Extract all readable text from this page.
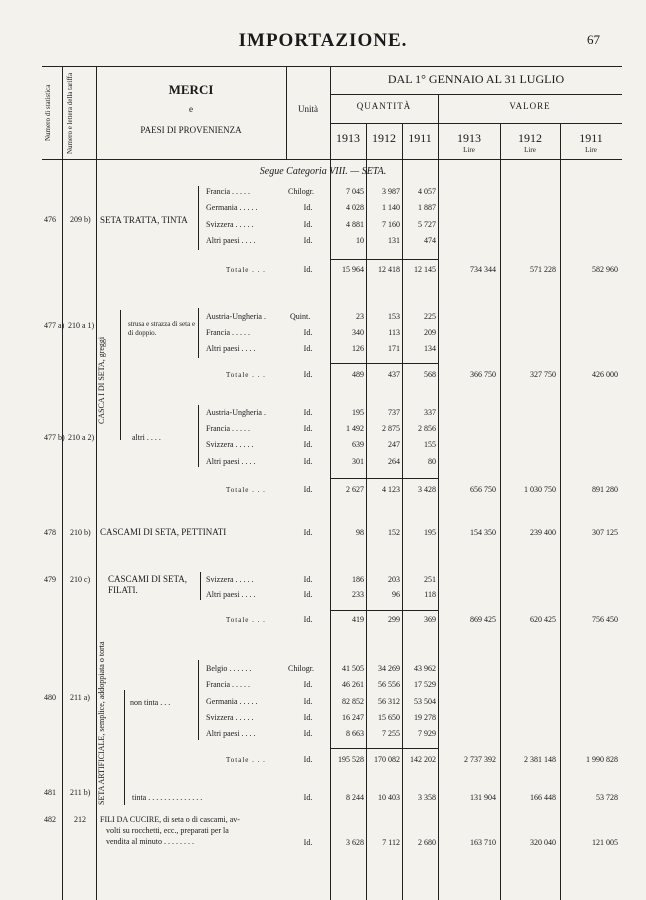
IMPORTAZIONE.	67
Numero di statistica	Numero e lettera della tariffa	MERCI
e
PAESI DI PROVENIENZA
Unità
DAL 1° GENNAIO AL 31 LUGLIO
QUANTITÀ	VALORE
1913	1912	1911	1913	1912	1911
Lire	Lire	Lire
Segue Categoria VIII. — SETA.
476 209 b) SETA TRATTA, TINTA
Francia . . . . .	Chilogr.	7 045	3 987	4 057
Germania . . . . .	Id.	4 028	1 140	1 887
Svizzera . . . . .	Id.	4 881	7 160	5 727
Altri paesi . . . .	Id.	10	131	474
Totale . . .	Id.	15 964	12 418	12 145	734 344	571 228	582 960
CASCA I DI SETA, greggi
477 a) 210 a 1)	strusa e strazza di seta e di doppio.
Austria-Ungheria .	Quint.	23	153	225
Francia . . . . .	Id.	340	113	209
Altri paesi . . . .	Id.	126	171	134
Totale . . .	Id.	489	437	568	366 750	327 750	426 000
477 b) 210 a 2)	altri . . . .
Austria-Ungheria .	Id.	195	737	337
Francia . . . . .	Id.	1 492	2 875	2 856
Svizzera . . . . .	Id.	639	247	155
Altri paesi . . . .	Id.	301	264	80
Totale . . .	Id.	2 627	4 123	3 428	656 750	1 030 750	891 280
478 210 b) CASCAMI DI SETA, PETTINATI	Id.	98	152	195	154 350	239 400	307 125
479 210 c) CASCAMI DI SETA, FILATI.
Svizzera . . . . .	Id.	186	203	251
Altri paesi . . . .	Id.	233	96	118
Totale . . .	Id.	419	299	369	869 425	620 425	756 450
SETA ARTIFICIALE, semplice, addoppiata o torta
480 211 a)
non tinta . . .
Belgio . . . . . .	Chilogr.	41 505	34 269	43 962
Francia . . . . .	Id.	46 261	56 556	17 529
Germania . . . . .	Id.	82 852	56 312	53 504
Svizzera . . . . .	Id.	16 247	15 650	19 278
Altri paesi . . . .	Id.	8 663	7 255	7 929
Totale . . .	Id.	195 528	170 082	142 202	2 737 392	2 381 148	1 990 828
481 211 b)
tinta . . . . . . . . . . . . . .	Id.	8 244	10 403	3 358	131 904	166 448	53 728
482 212 FILI DA CUCIRE, di seta o di cascami, av-
volti su rocchetti, ecc., preparati per la
vendita al minuto . . . . . . . .	Id.	3 628	7 112	2 680	163 710	320 040	121 005
